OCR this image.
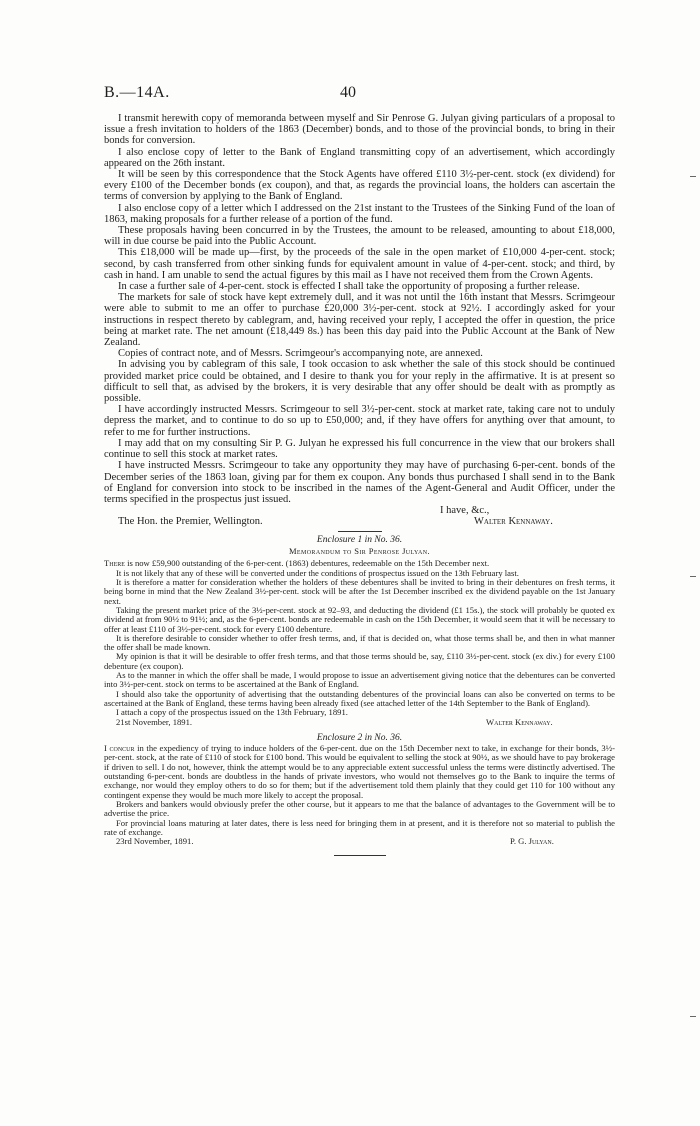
B.—14A.	40

I transmit herewith copy of memoranda between myself and Sir Penrose G. Julyan giving particulars of a proposal to issue a fresh invitation to holders of the 1863 (December) bonds, and to those of the provincial bonds, to bring in their bonds for conversion.

I also enclose copy of letter to the Bank of England transmitting copy of an advertisement, which accordingly appeared on the 26th instant.

It will be seen by this correspondence that the Stock Agents have offered £110 3½-per-cent. stock (ex dividend) for every £100 of the December bonds (ex coupon), and that, as regards the provincial loans, the holders can ascertain the terms of conversion by applying to the Bank of England.

I also enclose copy of a letter which I addressed on the 21st instant to the Trustees of the Sinking Fund of the loan of 1863, making proposals for a further release of a portion of the fund.

These proposals having been concurred in by the Trustees, the amount to be released, amounting to about £18,000, will in due course be paid into the Public Account.

This £18,000 will be made up—first, by the proceeds of the sale in the open market of £10,000 4-per-cent. stock; second, by cash transferred from other sinking funds for equivalent amount in value of 4-per-cent. stock; and third, by cash in hand. I am unable to send the actual figures by this mail as I have not received them from the Crown Agents.

In case a further sale of 4-per-cent. stock is effected I shall take the opportunity of proposing a further release.

The markets for sale of stock have kept extremely dull, and it was not until the 16th instant that Messrs. Scrimgeour were able to submit to me an offer to purchase £20,000 3½-per-cent. stock at 92½. I accordingly asked for your instructions in respect thereto by cablegram, and, having received your reply, I accepted the offer in question, the price being at market rate. The net amount (£18,449 8s.) has been this day paid into the Public Account at the Bank of New Zealand.

Copies of contract note, and of Messrs. Scrimgeour's accompanying note, are annexed.

In advising you by cablegram of this sale, I took occasion to ask whether the sale of this stock should be continued provided market price could be obtained, and I desire to thank you for your reply in the affirmative. It is at present so difficult to sell that, as advised by the brokers, it is very desirable that any offer should be dealt with as promptly as possible.

I have accordingly instructed Messrs. Scrimgeour to sell 3½-per-cent. stock at market rate, taking care not to unduly depress the market, and to continue to do so up to £50,000; and, if they have offers for anything over that amount, to refer to me for further instructions.

I may add that on my consulting Sir P. G. Julyan he expressed his full concurrence in the view that our brokers shall continue to sell this stock at market rates.

I have instructed Messrs. Scrimgeour to take any opportunity they may have of purchasing 6-per-cent. bonds of the December series of the 1863 loan, giving par for them ex coupon. Any bonds thus purchased I shall send in to the Bank of England for conversion into stock to be inscribed in the names of the Agent-General and Audit Officer, under the terms specified in the prospectus just issued.

I have, &c.,
The Hon. the Premier, Wellington.	Walter Kennaway.
Enclosure 1 in No. 36.
Memorandum to Sir Penrose Julyan.

There is now £59,900 outstanding of the 6-per-cent. (1863) debentures, redeemable on the 15th December next.

It is not likely that any of these will be converted under the conditions of prospectus issued on the 13th February last.

It is therefore a matter for consideration whether the holders of these debentures shall be invited to bring in their debentures on fresh terms, it being borne in mind that the New Zealand 3½-per-cent. stock will be after the 1st December inscribed ex the dividend payable on the 1st January next.

Taking the present market price of the 3½-per-cent. stock at 92–93, and deducting the dividend (£1 15s.), the stock will probably be quoted ex dividend at from 90½ to 91½; and, as the 6-per-cent. bonds are redeemable in cash on the 15th December, it would seem that it will be necessary to offer at least £110 of 3½-per-cent. stock for every £100 debenture.

It is therefore desirable to consider whether to offer fresh terms, and, if that is decided on, what those terms shall be, and then in what manner the offer shall be made known.

My opinion is that it will be desirable to offer fresh terms, and that those terms should be, say, £110 3½-per-cent. stock (ex div.) for every £100 debenture (ex coupon).

As to the manner in which the offer shall be made, I would propose to issue an advertisement giving notice that the debentures can be converted into 3½-per-cent. stock on terms to be ascertained at the Bank of England.

I should also take the opportunity of advertising that the outstanding debentures of the provincial loans can also be converted on terms to be ascertained at the Bank of England, these terms having been already fixed (see attached letter of the 14th September to the Bank of England).

I attach a copy of the prospectus issued on the 13th February, 1891.

21st November, 1891.	Walter Kennaway.
Enclosure 2 in No. 36.

I concur in the expediency of trying to induce holders of the 6-per-cent. due on the 15th December next to take, in exchange for their bonds, 3½-per-cent. stock, at the rate of £110 of stock for £100 bond. This would be equivalent to selling the stock at 90½, as we should have to pay brokerage if driven to sell. I do not, however, think the attempt would be to any appreciable extent successful unless the terms were distinctly advertised. The outstanding 6-per-cent. bonds are doubtless in the hands of private investors, who would not themselves go to the Bank to inquire the terms of exchange, nor would they employ others to do so for them; but if the advertisement told them plainly that they could get 110 for 100 without any contingent expense they would be much more likely to accept the proposal.

Brokers and bankers would obviously prefer the other course, but it appears to me that the balance of advantages to the Government will be to advertise the price.

For provincial loans maturing at later dates, there is less need for bringing them in at present, and it is therefore not so material to publish the rate of exchange.

23rd November, 1891.	P. G. Julyan.
